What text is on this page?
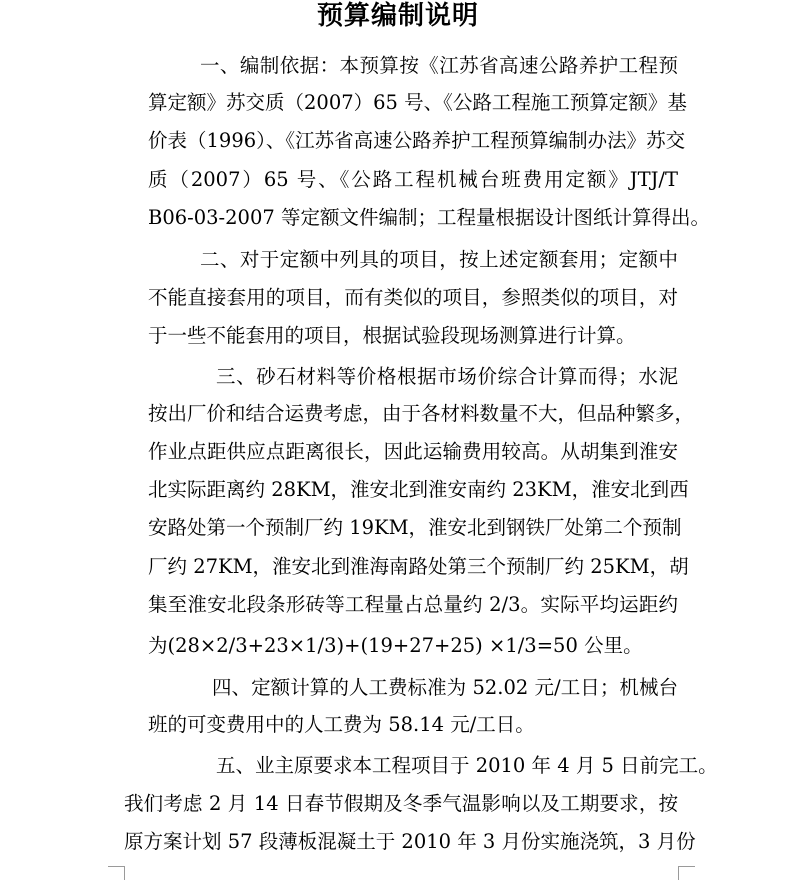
预算编制说明
一、编制依据：本预算按《江苏省高速公路养护工程预
算定额》苏交质（2007）65 号、《公路工程施工预算定额》基
价表（1996）、《江苏省高速公路养护工程预算编制办法》苏交
质（2007）65 号、《公路工程机械台班费用定额》JTJ/T
B06-03-2007 等定额文件编制；工程量根据设计图纸计算得出。
二、对于定额中列具的项目，按上述定额套用；定额中
不能直接套用的项目，而有类似的项目，参照类似的项目，对
于一些不能套用的项目，根据试验段现场测算进行计算。
三、砂石材料等价格根据市场价综合计算而得；水泥
按出厂价和结合运费考虑，由于各材料数量不大，但品种繁多，
作业点距供应点距离很长，因此运输费用较高。从胡集到淮安
北实际距离约 28KM，淮安北到淮安南约 23KM，淮安北到西
安路处第一个预制厂约 19KM，淮安北到钢铁厂处第二个预制
厂约 27KM，淮安北到淮海南路处第三个预制厂约 25KM，胡
集至淮安北段条形砖等工程量占总量约 2/3。实际平均运距约
为(28×2/3+23×1/3)+(19+27+25) ×1/3=50 公里。
四、定额计算的人工费标准为 52.02 元/工日；机械台
班的可变费用中的人工费为 58.14 元/工日。
五、业主原要求本工程项目于 2010 年 4 月 5 日前完工。
我们考虑 2 月 14 日春节假期及冬季气温影响以及工期要求，按
原方案计划 57 段薄板混凝土于 2010 年 3 月份实施浇筑，3 月份
